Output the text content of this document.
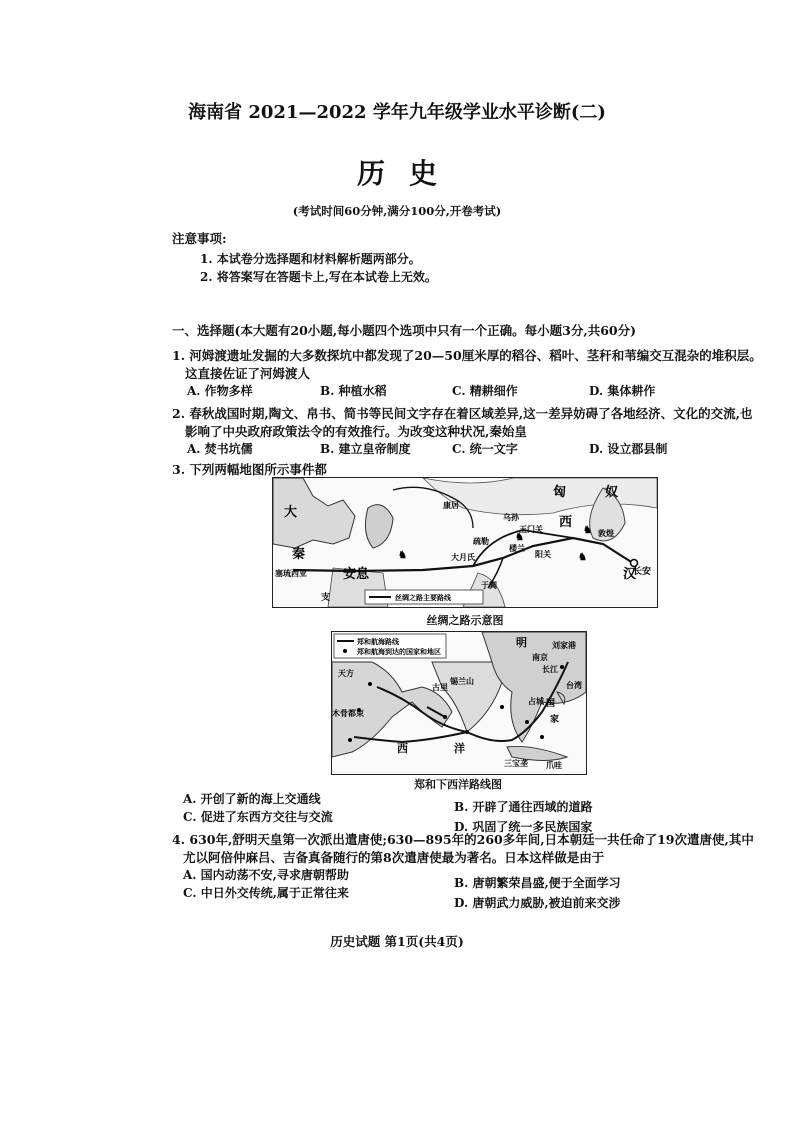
海南省 2021—2022 学年九年级学业水平诊断(二)
历史
(考试时间60分钟,满分100分,开卷考试)
注意事项:
1. 本试卷分选择题和材料解析题两部分。
2. 将答案写在答题卡上,写在本试卷上无效。
一、选择题(本大题有20小题,每小题四个选项中只有一个正确。每小题3分,共60分)
1. 河姆渡遗址发掘的大多数探坑中都发现了20—50厘米厚的稻谷、稻叶、茎秆和苇编交互混杂的堆积层。
这直接佐证了河姆渡人
A. 作物多样	B. 种植水稻	C. 精耕细作	D. 集体耕作
2. 春秋战国时期,陶文、帛书、简书等民间文字存在着区域差异,这一差异妨碍了各地经济、文化的交流,也
影响了中央政府政策法令的有效推行。为改变这种状况,秦始皇
A. 焚书坑儒	B. 建立皇帝制度	C. 统一文字	D. 设立郡县制
3. 下列两幅地图所示事件都
♞
♞
♞
♞
大
秦
塞琉西亚	安息
支
匈	奴
西
汉
长安
大月氏
于阗
康居
乌孙
敦煌
玉门关
阳关
疏勒
楼兰
丝绸之路主要路线
丝绸之路示意图
郑和航海路线
郑和航海到达的国家和地区
明
南京
刘家港
长江
天方
古里
西	洋
木骨都束
锡兰山
三宝垄 爪哇
台湾
占城 国
家
郑和下西洋路线图
A. 开创了新的海上交通线
B. 开辟了通往西域的道路
C. 促进了东西方交往与交流
D. 巩固了统一多民族国家
4. 630年,舒明天皇第一次派出遣唐使;630—895年的260多年间,日本朝廷一共任命了19次遣唐使,其中
尤以阿倍仲麻吕、吉备真备随行的第8次遣唐使最为著名。日本这样做是由于
A. 国内动荡不安,寻求唐朝帮助
B. 唐朝繁荣昌盛,便于全面学习
C. 中日外交传统,属于正常往来
D. 唐朝武力威胁,被迫前来交涉
历史试题 第1页(共4页)
